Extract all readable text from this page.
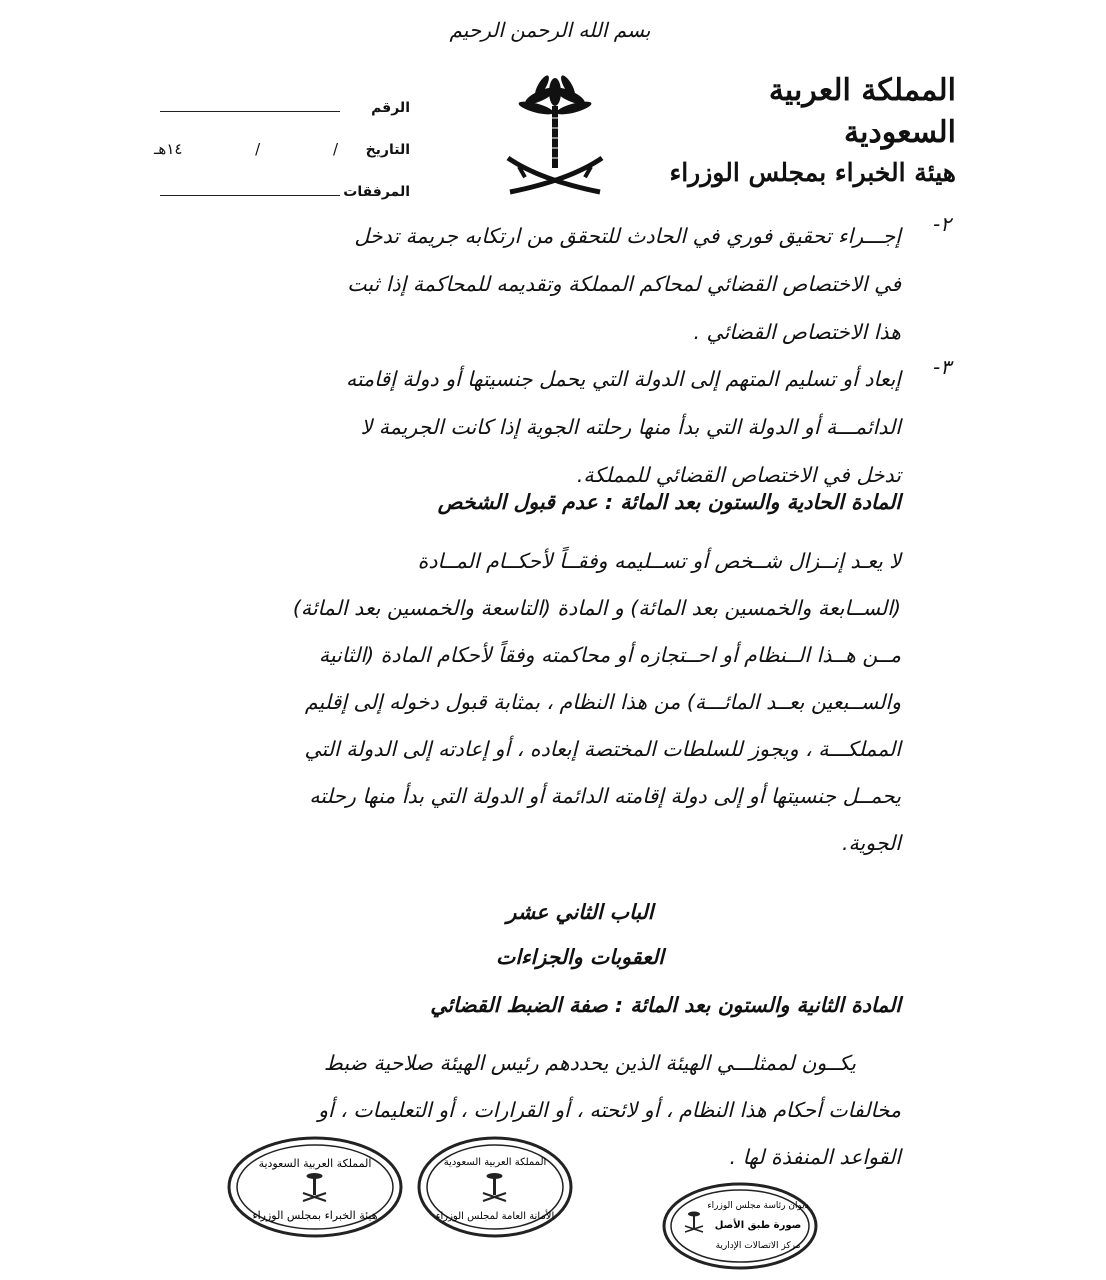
بسم الله الرحمن الرحيم
المملكة العربية السعودية
هيئة الخبراء بمجلس الوزراء
الرقم
التاريخ
/
/
١٤هـ
المرفقات
٢-
إجـــراء تحقيق فوري في الحادث للتحقق من ارتكابه جريمة تدخل
في الاختصاص القضائي لمحاكم المملكة وتقديمه للمحاكمة إذا ثبت
هذا الاختصاص القضائي .
٣-
إبعاد أو تسليم المتهم إلى الدولة التي يحمل جنسيتها أو دولة إقامته
الدائمـــة أو الدولة التي بدأ منها رحلته الجوية إذا كانت الجريمة لا
تدخل في الاختصاص القضائي للمملكة.
المادة الحادية والستون بعد المائة : عدم قبول الشخص
لا يعـد إنــزال شــخص أو تســليمه وفقــاً لأحكــام المــادة
(الســابعة والخمسين بعد المائة) و المادة (التاسعة والخمسين بعد المائة)
مــن هــذا الــنظام أو احــتجازه أو محاكمته وفقاً لأحكام المادة (الثانية
والســبعين بعــد المائـــة) من هذا النظام ، بمثابة قبول دخوله إلى إقليم
المملكـــة ، ويجوز للسلطات المختصة إبعاده ، أو إعادته إلى الدولة التي
يحمــل جنسيتها أو إلى دولة إقامته الدائمة أو الدولة التي بدأ منها رحلته
الجوية.
الباب الثاني عشر
العقوبات والجزاءات
المادة الثانية والستون بعد المائة : صفة الضبط القضائي
يكــون لممثلـــي الهيئة الذين يحددهم رئيس الهيئة صلاحية ضبط
مخالفات أحكام هذا النظام ، أو لائحته ، أو القرارات ، أو التعليمات ، أو
القواعد المنفذة لها .
المملكة العربية السعودية
هيئة الخبراء بمجلس الوزراء
المملكة العربية السعودية
الأمانة العامة لمجلس الوزراء
ديوان رئاسة مجلس الوزراء
صورة طبق الأصل
مركز الاتصالات الإدارية
